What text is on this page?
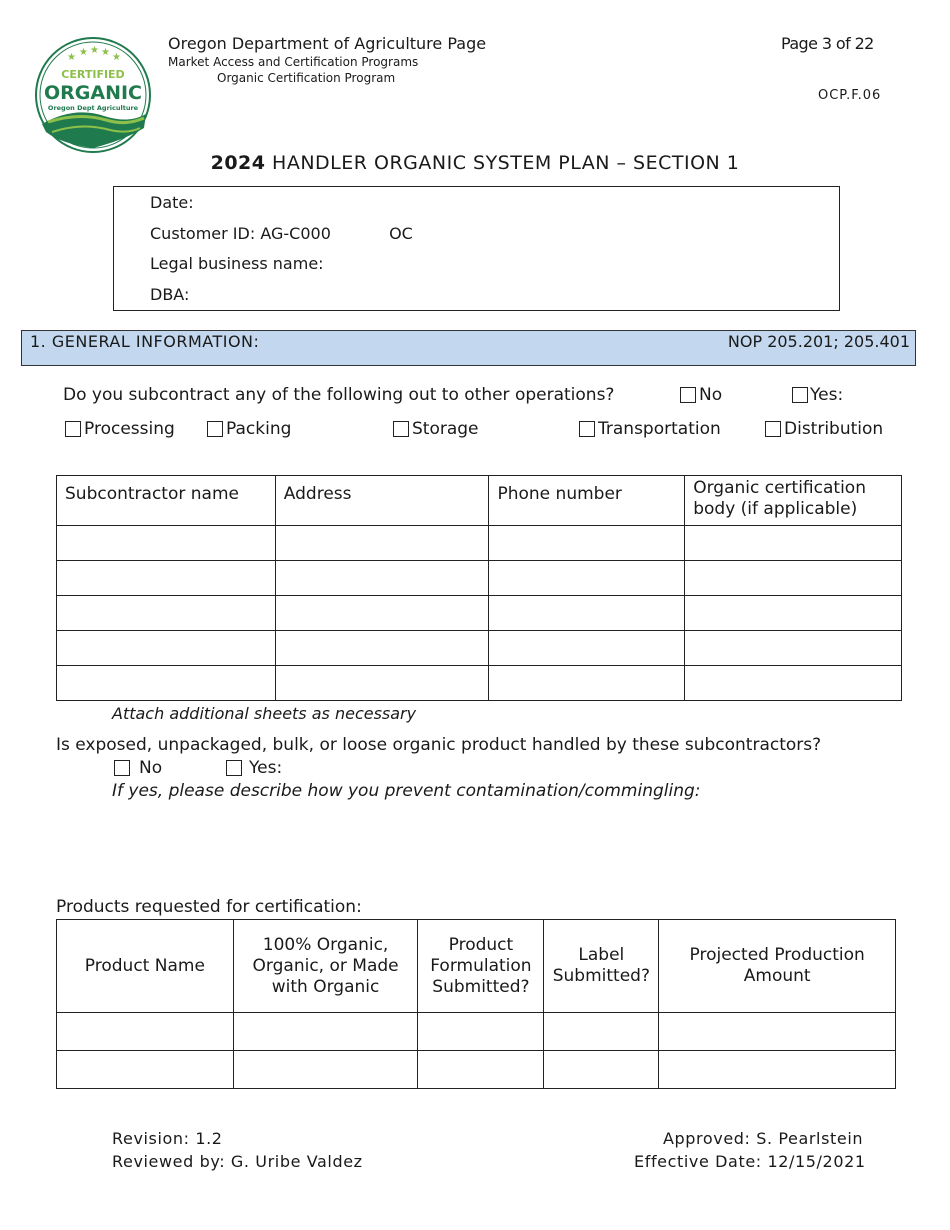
★ ★ ★ ★ ★
CERTIFIED
ORGANIC
Oregon Dept Agriculture
Oregon Department of Agriculture Page
Market Access and Certification Programs
Organic Certification Program
Page 3 of 22
OCP.F.06
2024 HANDLER ORGANIC SYSTEM PLAN – SECTION 1
Date:
Customer ID: AG-C000	OC
Legal business name:
DBA:
1. GENERAL INFORMATION:	NOP 205.201; 205.401
Do you subcontract any of the following out to other operations?	No	Yes:
Processing	Packing	Storage	Transportation	Distribution
Subcontractor name	Address	Phone number	Organic certification body (if applicable)

Attach additional sheets as necessary
Is exposed, unpackaged, bulk, or loose organic product handled by these subcontractors?
No	Yes:
If yes, please describe how you prevent contamination/commingling:
Products requested for certification:
Product Name	100% Organic, Organic, or Made with Organic	Product Formulation Submitted?	Label Submitted?	Projected Production Amount

Revision: 1.2
Reviewed by: G. Uribe Valdez
Approved: S. Pearlstein
Effective Date: 12/15/2021
